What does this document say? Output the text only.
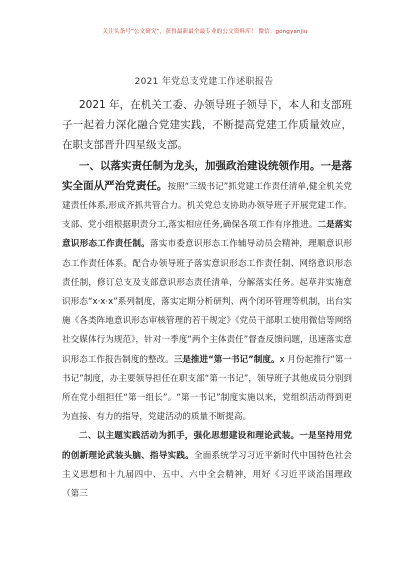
关注头条号“公文研究”，获得最新最全最专业的公文资料库！ 微信：gongyanjiu
2021 年党总支党建工作述职报告

2021 年，在机关工委、办领导班子领导下，本人和支部班子一起着力深化融合党建实践，不断提高党建工作质量效应，在职支部晋升四星级支部。

一、以落实责任制为龙头，加强政治建设统领作用。一是落实全面从严治党责任。按照“三级书记”抓党建工作责任清单,健全机关党建责任体系,形成齐抓共管合力。机关党总支协助办领导班子开展党建工作。支部、党小组根据职责分工,落实相应任务,确保各项工作有序推进。二是落实意识形态工作责任制。落实市委意识形态工作辅导动员会精神，理顺意识形态工作责任体系。配合办领导班子落实意识形态工作责任制、网络意识形态责任制，修订总支及支部意识形态责任清单，分解落实任务。起草并实施意识形态“x·x·x”系列制度，落实定期分析研判、两个闭环管理等机制，出台实施《各类阵地意识形态审核管理的若干规定》《党员干部职工使用微信等网络社交媒体行为规范》，针对一季度“两个主体责任”督查反馈问题，迅速落实意识形态工作报告制度的整改。三是推进“第一书记”制度。x 月份起推行“第一书记”制度，办主要领导担任在职支部“第一书记”，领导班子其他成员分别到所在党小组担任“第一组长”。“第一书记”制度实施以来，党组织活动得到更为直接、有力的指导，党建活动的质量不断提高。

二、以主题实践活动为抓手，强化思想建设和理论武装。一是坚持用党的创新理论武装头脑、指导实践。全面系统学习习近平新时代中国特色社会主义思想和十九届四中、五中、六中全会精神，用好《习近平谈治国理政（第三
